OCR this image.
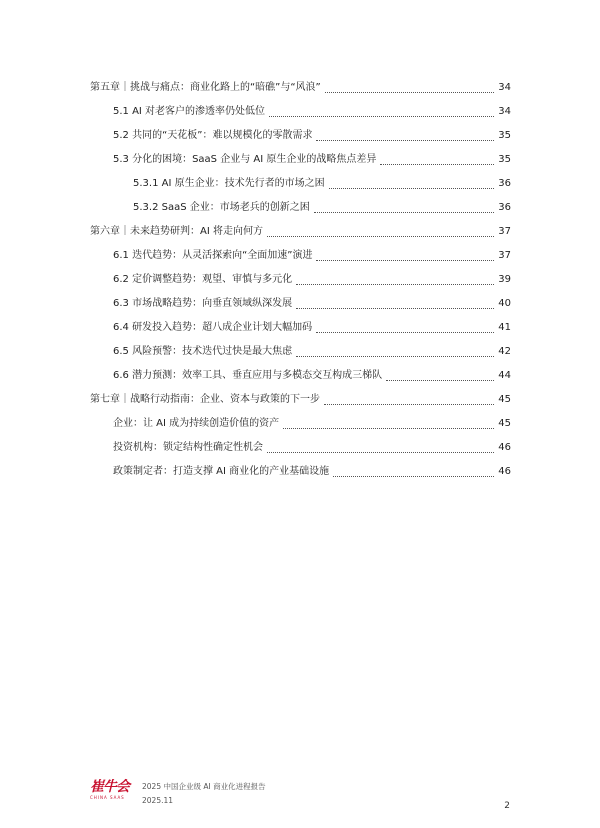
第五章｜挑战与痛点：商业化路上的“暗礁”与“风浪”	34
5.1 AI 对老客户的渗透率仍处低位	34
5.2 共同的“天花板”：难以规模化的零散需求	35
5.3 分化的困境：SaaS 企业与 AI 原生企业的战略焦点差异	35
5.3.1 AI 原生企业：技术先行者的市场之困	36
5.3.2 SaaS 企业：市场老兵的创新之困	36
第六章｜未来趋势研判：AI 将走向何方	37
6.1 迭代趋势：从灵活探索向“全面加速”演进	37
6.2 定价调整趋势：观望、审慎与多元化	39
6.3 市场战略趋势：向垂直领域纵深发展	40
6.4 研发投入趋势：超八成企业计划大幅加码	41
6.5 风险预警：技术迭代过快是最大焦虑	42
6.6 潜力预测：效率工具、垂直应用与多模态交互构成三梯队	44
第七章｜战略行动指南：企业、资本与政策的下一步	45
企业：让 AI 成为持续创造价值的资产	45
投资机构：锁定结构性确定性机会	46
政策制定者：打造支撑 AI 商业化的产业基础设施	46
崔牛会
CHINA SAAS
2025 中国企业级 AI 商业化进程报告
2025.11
2
